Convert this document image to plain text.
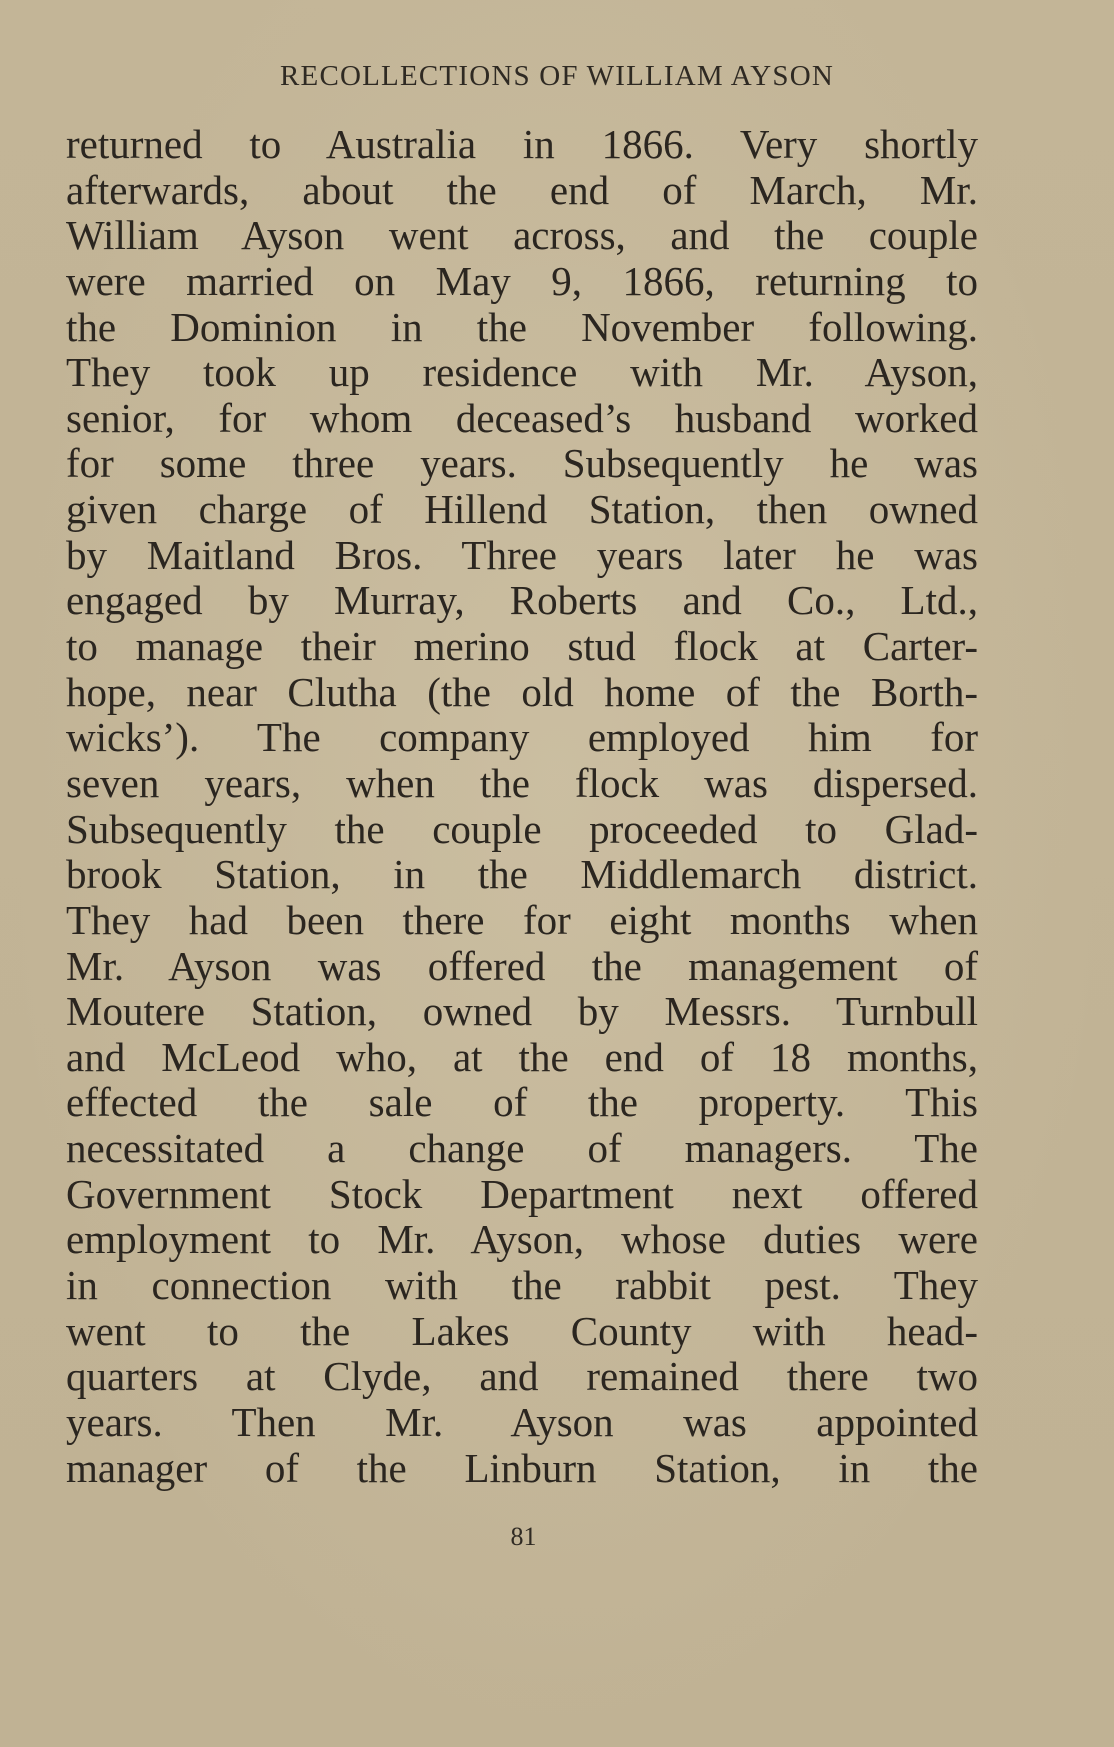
RECOLLECTIONS OF WILLIAM AYSON
returned to Australia in 1866. Very shortly
afterwards, about the end of March, Mr.
William Ayson went across, and the couple
were married on May 9, 1866, returning to
the Dominion in the November following.
They took up residence with Mr. Ayson,
senior, for whom deceased’s husband worked
for some three years. Subsequently he was
given charge of Hillend Station, then owned
by Maitland Bros. Three years later he was
engaged by Murray, Roberts and Co., Ltd.,
to manage their merino stud flock at Carter-
hope, near Clutha (the old home of the Borth-
wicks’). The company employed him for
seven years, when the flock was dispersed.
Subsequently the couple proceeded to Glad-
brook Station, in the Middlemarch district.
They had been there for eight months when
Mr. Ayson was offered the management of
Moutere Station, owned by Messrs. Turnbull
and McLeod who, at the end of 18 months,
effected the sale of the property. This
necessitated a change of managers. The
Government Stock Department next offered
employment to Mr. Ayson, whose duties were
in connection with the rabbit pest. They
went to the Lakes County with head-
quarters at Clyde, and remained there two
years. Then Mr. Ayson was appointed
manager of the Linburn Station, in the
81
